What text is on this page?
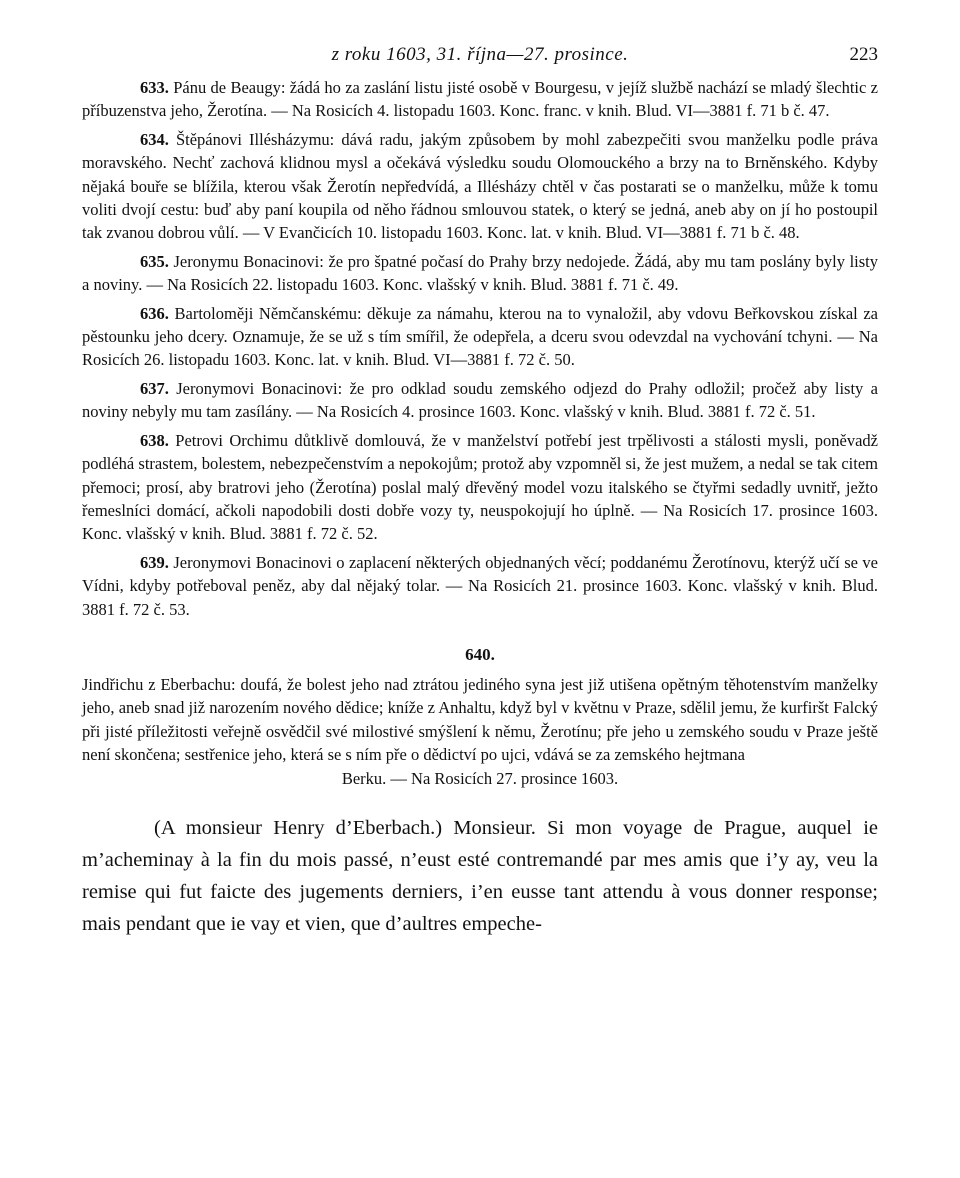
z roku 1603, 31. října—27. prosince.	223

633. Pánu de Beaugy: žádá ho za zaslání listu jisté osobě v Bourgesu, v jejíž službě nachází se mladý šlechtic z příbuzenstva jeho, Žerotína. — Na Rosicích 4. listopadu 1603. Konc. franc. v knih. Blud. VI—3881 f. 71 b č. 47.

634. Štěpánovi Illésházymu: dává radu, jakým způsobem by mohl zabezpečiti svou manželku podle práva moravského. Nechť zachová klidnou mysl a očekává výsledku soudu Olomouckého a brzy na to Brněnského. Kdyby nějaká bouře se blížila, kterou však Žerotín nepředvídá, a Illésházy chtěl v čas postarati se o manželku, může k tomu voliti dvojí cestu: buď aby paní koupila od něho řádnou smlouvou statek, o který se jedná, aneb aby on jí ho postoupil tak zvanou dobrou vůlí. — V Evančicích 10. listopadu 1603. Konc. lat. v knih. Blud. VI—3881 f. 71 b č. 48.

635. Jeronymu Bonacinovi: že pro špatné počasí do Prahy brzy nedojede. Žádá, aby mu tam poslány byly listy a noviny. — Na Rosicích 22. listopadu 1603. Konc. vlašský v knih. Blud. 3881 f. 71 č. 49.

636. Bartoloměji Němčanskému: děkuje za námahu, kterou na to vynaložil, aby vdovu Beřkovskou získal za pěstounku jeho dcery. Oznamuje, že se už s tím smířil, že odepřela, a dceru svou odevzdal na vychování tchyni. — Na Rosicích 26. listopadu 1603. Konc. lat. v knih. Blud. VI—3881 f. 72 č. 50.

637. Jeronymovi Bonacinovi: že pro odklad soudu zemského odjezd do Prahy odložil; pročež aby listy a noviny nebyly mu tam zasílány. — Na Rosicích 4. prosince 1603. Konc. vlašský v knih. Blud. 3881 f. 72 č. 51.

638. Petrovi Orchimu důtklivě domlouvá, že v manželství potřebí jest trpělivosti a stálosti mysli, poněvadž podléhá strastem, bolestem, nebezpečenstvím a nepokojům; protož aby vzpomněl si, že jest mužem, a nedal se tak citem přemoci; prosí, aby bratrovi jeho (Žerotína) poslal malý dřevěný model vozu italského se čtyřmi sedadly uvnitř, ježto řemeslníci domácí, ačkoli napodobili dosti dobře vozy ty, neuspokojují ho úplně. — Na Rosicích 17. prosince 1603. Konc. vlašský v knih. Blud. 3881 f. 72 č. 52.

639. Jeronymovi Bonacinovi o zaplacení některých objednaných věcí; poddanému Žerotínovu, kterýž učí se ve Vídni, kdyby potřeboval peněz, aby dal nějaký tolar. — Na Rosicích 21. prosince 1603. Konc. vlašský v knih. Blud. 3881 f. 72 č. 53.

640.

Jindřichu z Eberbachu: doufá, že bolest jeho nad ztrátou jediného syna jest již utišena opětným těhotenstvím manželky jeho, aneb snad již narozením nového dědice; kníže z Anhaltu, když byl v květnu v Praze, sdělil jemu, že kurfiršt Falcký při jisté příležitosti veřejně osvědčil své milostivé smýšlení k němu, Žerotínu; pře jeho u zemského soudu v Praze ještě není skončena; sestřenice jeho, která se s ním pře o dědictví po ujci, vdává se za zemského hejtmana
Berku. — Na Rosicích 27. prosince 1603.

(A monsieur Henry d’Eberbach.) Monsieur. Si mon voyage de Prague, auquel ie m’acheminay à la fin du mois passé, n’eust esté contremandé par mes amis que i’y ay, veu la remise qui fut faicte des jugements derniers, i’en eusse tant attendu à vous donner response; mais pendant que ie vay et vien, que d’aultres empeche-
